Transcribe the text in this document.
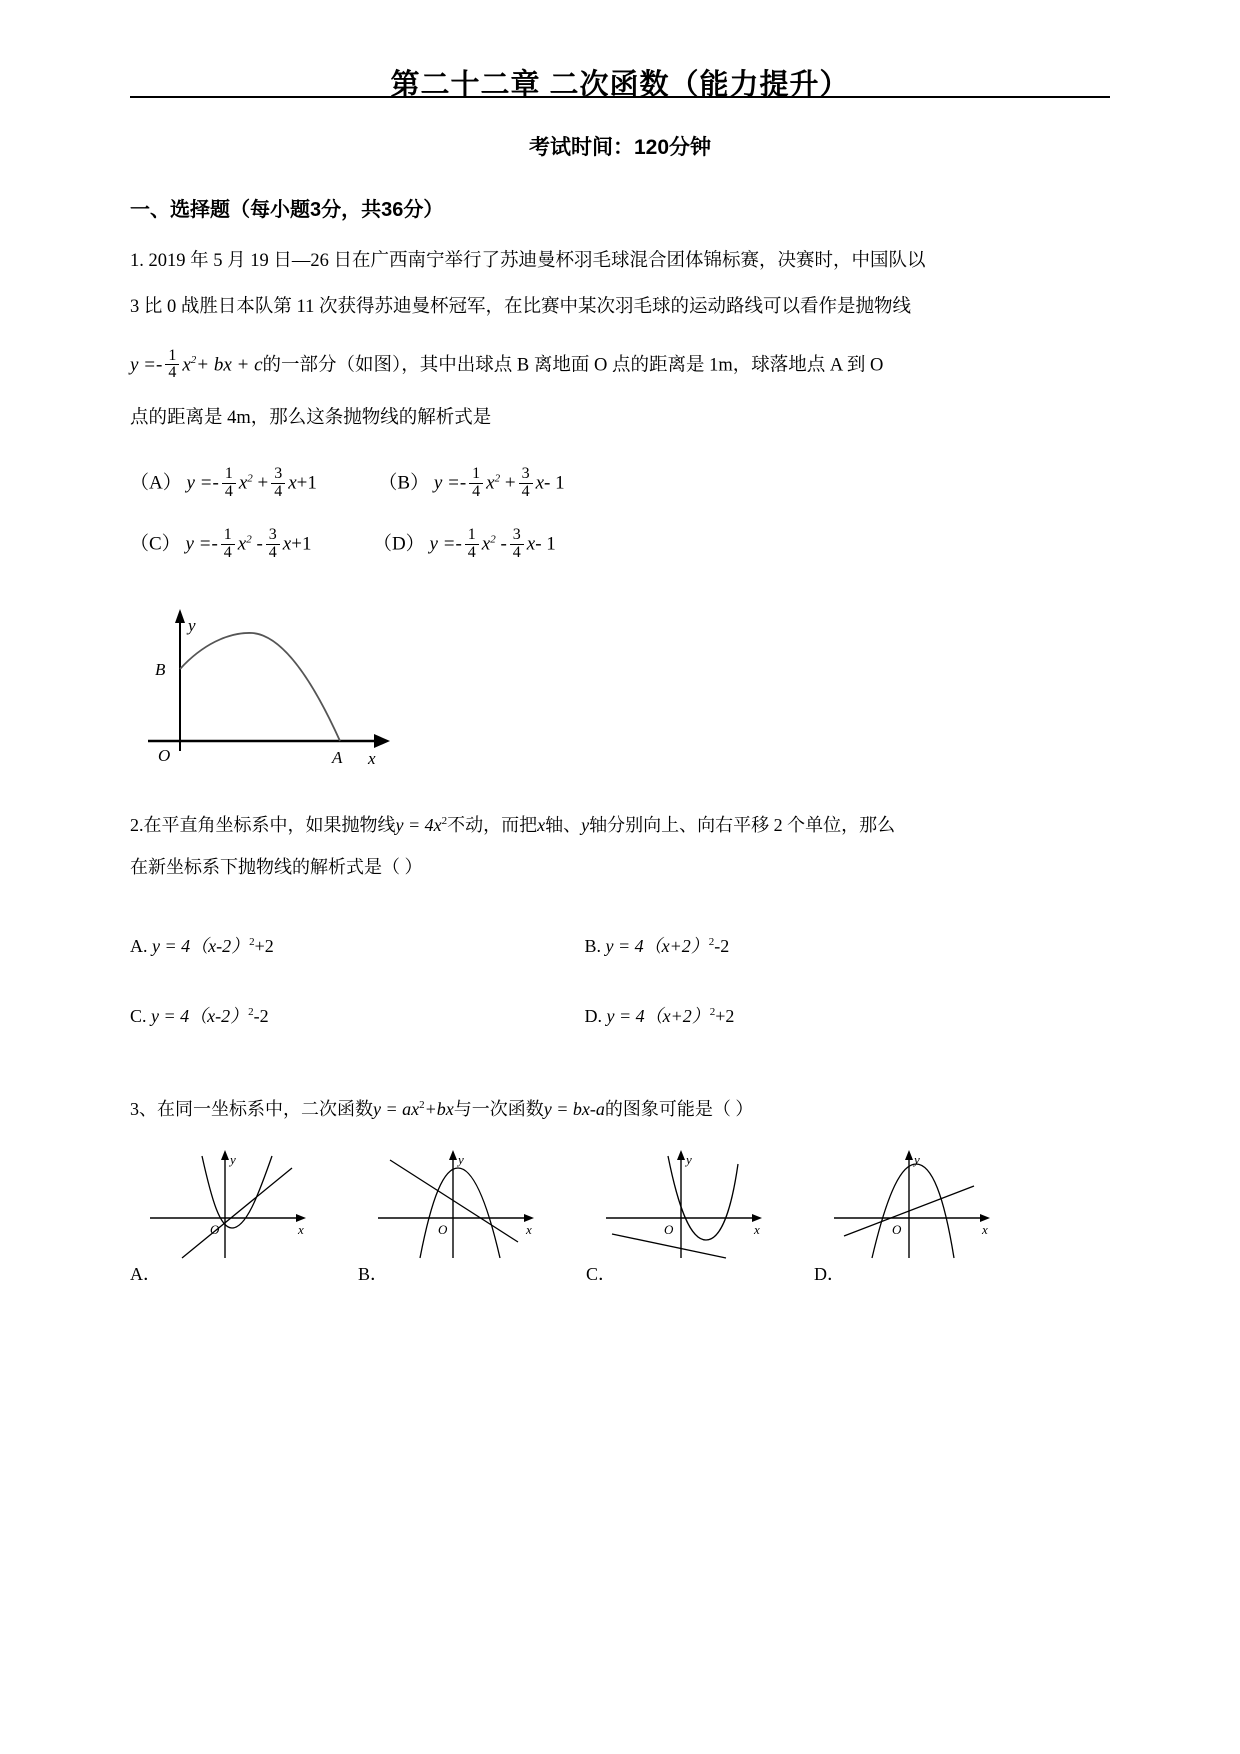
第二十二章 二次函数（能力提升）
考试时间：120分钟
一、选择题（每小题3分，共36分）

1. 2019 年 5 月 19 日—26 日在广西南宁举行了苏迪曼杯羽毛球混合团体锦标赛，决赛时，中国队以

3 比 0 战胜日本队第 11 次获得苏迪曼杯冠军，在比赛中某次羽毛球的运动路线可以看作是抛物线

$y =- \frac{1}{4} x^2+$ bx + c的一部分（如图），其中出球点 B 离地面 O 点的距离是 1m，球落地点 A 到 O

点的距离是 4m，那么这条抛物线的解析式是

（A） $y =- \frac{1}{4} x^2 + \frac{3}{4} x+1$	（B） $y =- \frac{1}{4} x^2 + \frac{3}{4} x-$ 1

（C） $y =- \frac{1}{4} x^2 - \frac{3}{4} x+1$	（D） $y =- \frac{1}{4} x^2 - \frac{3}{4} x-$ 1

B
y
O	A x

2.在平直角坐标系中，如果抛物线$y = 4x^2$不动，而把x轴、y轴分别向上、向右平移 2 个单位，那么

在新坐标系下抛物线的解析式是（ ）

A. $y = 4(x-2)^2+2$	B. $y = 4(x+2)^2-2$

C. $y = 4(x-2)^2-2$	D. $y = 4(x+2)^2+2$

3、在同一坐标系中，二次函数$y = ax^2+bx$与一次函数y = bx-a的图象可能是（ ）

O
y
x	O
y
x	O
y
x	O
y
x
A．	B．	C．	D．
